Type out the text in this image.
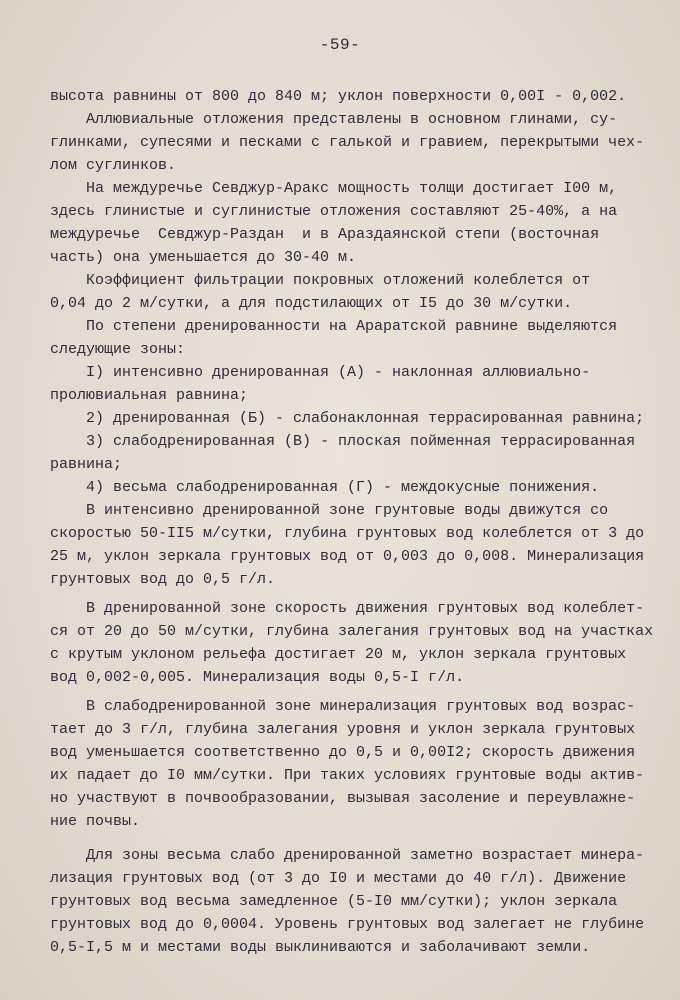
-59-
высота равнины от 800 до 840 м; уклон поверхности 0,00I - 0,002.
Аллювиальные отложения представлены в основном глинами, су-
глинками, супесями и песками с галькой и гравием, перекрытыми чех-
лом суглинков.
На междуречье Севджур-Аракс мощность толщи достигает I00 м,
здесь глинистые и суглинистые отложения составляют 25-40%, а на
междуречье  Севджур-Раздан  и в Араздаянской степи (восточная
часть) она уменьшается до 30-40 м.
Коэффициент фильтрации покровных отложений колеблется от
0,04 до 2 м/сутки, а для подстилающих от I5 до 30 м/сутки.
По степени дренированности на Араратской равнине выделяются
следующие зоны:
I) интенсивно дренированная (А) - наклонная аллювиально-
пролювиальная равнина;
2) дренированная (Б) - слабонаклонная террасированная равнина;
3) слабодренированная (В) - плоская пойменная террасированная
равнина;
4) весьма слабодренированная (Г) - междокусные понижения.
В интенсивно дренированной зоне грунтовые воды движутся со
скоростью 50-II5 м/сутки, глубина грунтовых вод колеблется от 3 до
25 м, уклон зеркала грунтовых вод от 0,003 до 0,008. Минерализация
грунтовых вод до 0,5 г/л.
В дренированной зоне скорость движения грунтовых вод колеблет-
ся от 20 до 50 м/сутки, глубина залегания грунтовых вод на участках
с крутым уклоном рельефа достигает 20 м, уклон зеркала грунтовых
вод 0,002-0,005. Минерализация воды 0,5-I г/л.
В слабодренированной зоне минерализация грунтовых вод возрас-
тает до 3 г/л, глубина залегания уровня и уклон зеркала грунтовых
вод уменьшается соответственно до 0,5 и 0,00I2; скорость движения
их падает до I0 мм/сутки. При таких условиях грунтовые воды актив-
но участвуют в почвообразовании, вызывая засоление и переувлажне-
ние почвы.
Для зоны весьма слабо дренированной заметно возрастает минера-
лизация грунтовых вод (от 3 до I0 и местами до 40 г/л). Движение
грунтовых вод весьма замедленное (5-I0 мм/сутки); уклон зеркала
грунтовых вод до 0,0004. Уровень грунтовых вод залегает не глубине
0,5-I,5 м и местами воды выклиниваются и заболачивают земли.
